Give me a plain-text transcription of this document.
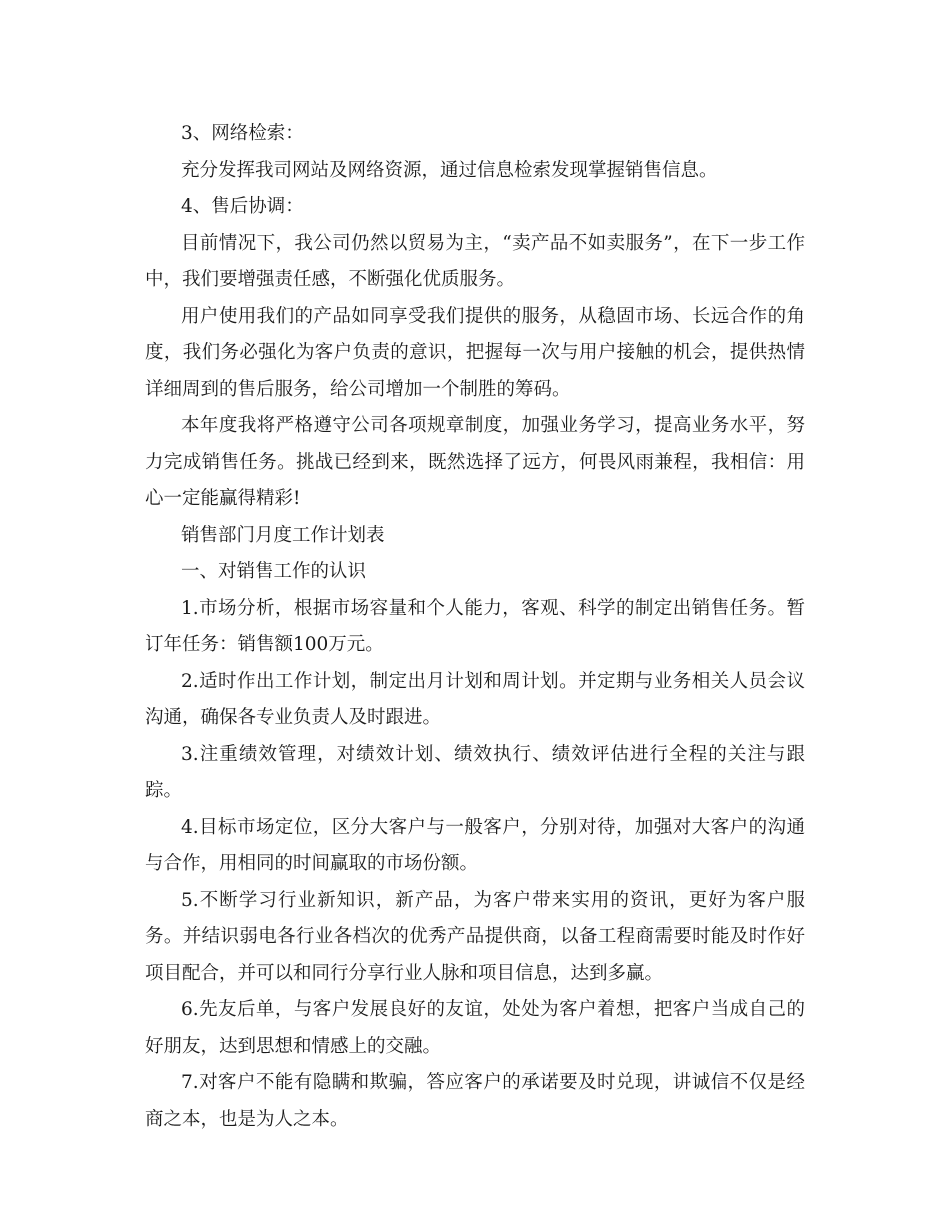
3、网络检索：

充分发挥我司网站及网络资源，通过信息检索发现掌握销售信息。

4、售后协调：

目前情况下，我公司仍然以贸易为主，“卖产品不如卖服务”，在下一步工作中，我们要增强责任感，不断强化优质服务。

用户使用我们的产品如同享受我们提供的服务，从稳固市场、长远合作的角度，我们务必强化为客户负责的意识，把握每一次与用户接触的机会，提供热情详细周到的售后服务，给公司增加一个制胜的筹码。

本年度我将严格遵守公司各项规章制度，加强业务学习，提高业务水平，努力完成销售任务。挑战已经到来，既然选择了远方，何畏风雨兼程，我相信：用心一定能赢得精彩!

销售部门月度工作计划表

一、对销售工作的认识

1.市场分析，根据市场容量和个人能力，客观、科学的制定出销售任务。暂订年任务：销售额100万元。

2.适时作出工作计划，制定出月计划和周计划。并定期与业务相关人员会议沟通，确保各专业负责人及时跟进。

3.注重绩效管理，对绩效计划、绩效执行、绩效评估进行全程的关注与跟踪。

4.目标市场定位，区分大客户与一般客户，分别对待，加强对大客户的沟通与合作，用相同的时间赢取的市场份额。

5.不断学习行业新知识，新产品，为客户带来实用的资讯，更好为客户服务。并结识弱电各行业各档次的优秀产品提供商，以备工程商需要时能及时作好项目配合，并可以和同行分享行业人脉和项目信息，达到多赢。

6.先友后单，与客户发展良好的友谊，处处为客户着想，把客户当成自己的好朋友，达到思想和情感上的交融。

7.对客户不能有隐瞒和欺骗，答应客户的承诺要及时兑现，讲诚信不仅是经商之本，也是为人之本。
